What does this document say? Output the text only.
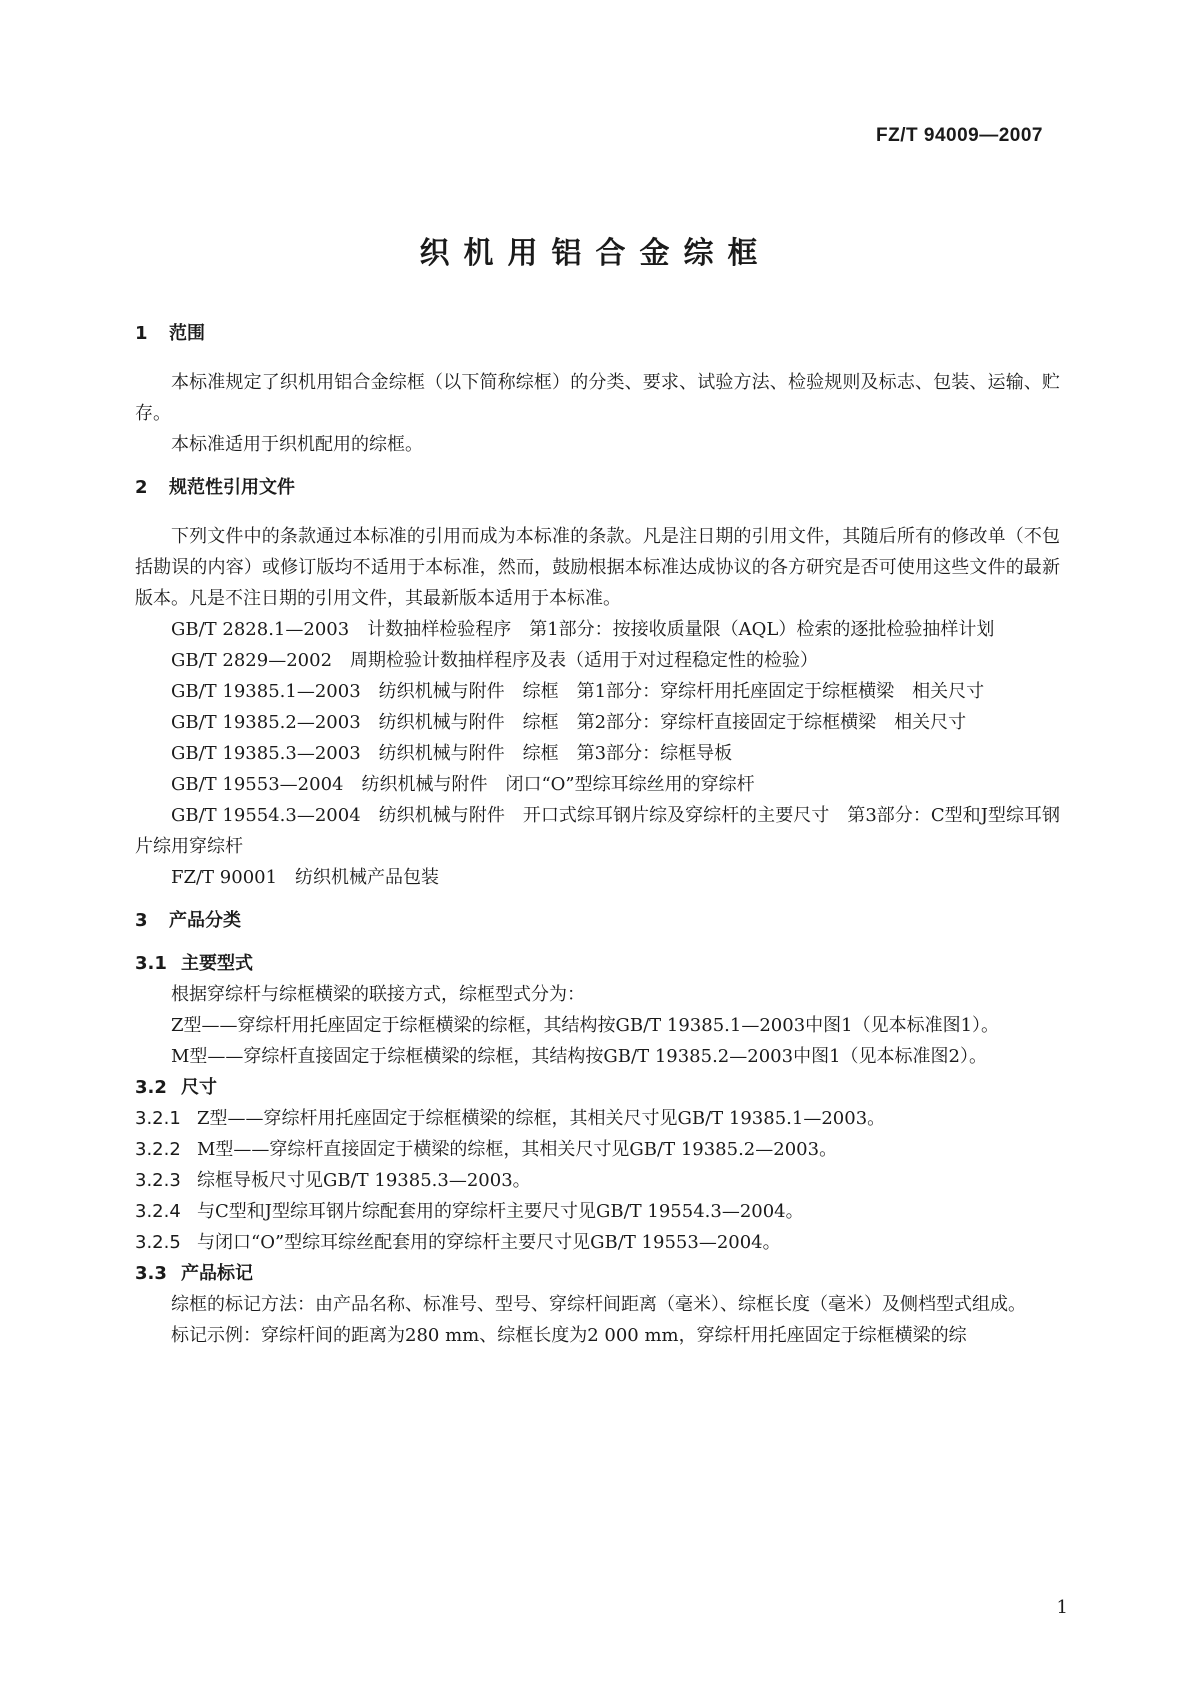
FZ/T 94009—2007
织机用铝合金综框
1 范围

本标准规定了织机用铝合金综框（以下简称综框）的分类、要求、试验方法、检验规则及标志、包装、运输、贮存。

本标准适用于织机配用的综框。

2 规范性引用文件

下列文件中的条款通过本标准的引用而成为本标准的条款。凡是注日期的引用文件，其随后所有的修改单（不包括勘误的内容）或修订版均不适用于本标准，然而，鼓励根据本标准达成协议的各方研究是否可使用这些文件的最新版本。凡是不注日期的引用文件，其最新版本适用于本标准。

GB/T 2828.1—2003　计数抽样检验程序　第1部分：按接收质量限（AQL）检索的逐批检验抽样计划

GB/T 2829—2002　周期检验计数抽样程序及表（适用于对过程稳定性的检验）

GB/T 19385.1—2003　纺织机械与附件　综框　第1部分：穿综杆用托座固定于综框横梁　相关尺寸

GB/T 19385.2—2003　纺织机械与附件　综框　第2部分：穿综杆直接固定于综框横梁　相关尺寸

GB/T 19385.3—2003　纺织机械与附件　综框　第3部分：综框导板

GB/T 19553—2004　纺织机械与附件　闭口“O”型综耳综丝用的穿综杆

GB/T 19554.3—2004　纺织机械与附件　开口式综耳钢片综及穿综杆的主要尺寸　第3部分：C型和J型综耳钢片综用穿综杆

FZ/T 90001　纺织机械产品包装

3 产品分类
3.1 主要型式

根据穿综杆与综框横梁的联接方式，综框型式分为：

Z型——穿综杆用托座固定于综框横梁的综框，其结构按GB/T 19385.1—2003中图1（见本标准图1）。

M型——穿综杆直接固定于综框横梁的综框，其结构按GB/T 19385.2—2003中图1（见本标准图2）。

3.2 尺寸
3.2.1 Z型——穿综杆用托座固定于综框横梁的综框，其相关尺寸见GB/T 19385.1—2003。
3.2.2 M型——穿综杆直接固定于横梁的综框，其相关尺寸见GB/T 19385.2—2003。
3.2.3 综框导板尺寸见GB/T 19385.3—2003。
3.2.4 与C型和J型综耳钢片综配套用的穿综杆主要尺寸见GB/T 19554.3—2004。
3.2.5 与闭口“O”型综耳综丝配套用的穿综杆主要尺寸见GB/T 19553—2004。
3.3 产品标记

综框的标记方法：由产品名称、标准号、型号、穿综杆间距离（毫米）、综框长度（毫米）及侧档型式组成。

标记示例：穿综杆间的距离为280 mm、综框长度为2 000 mm，穿综杆用托座固定于综框横梁的综

1
